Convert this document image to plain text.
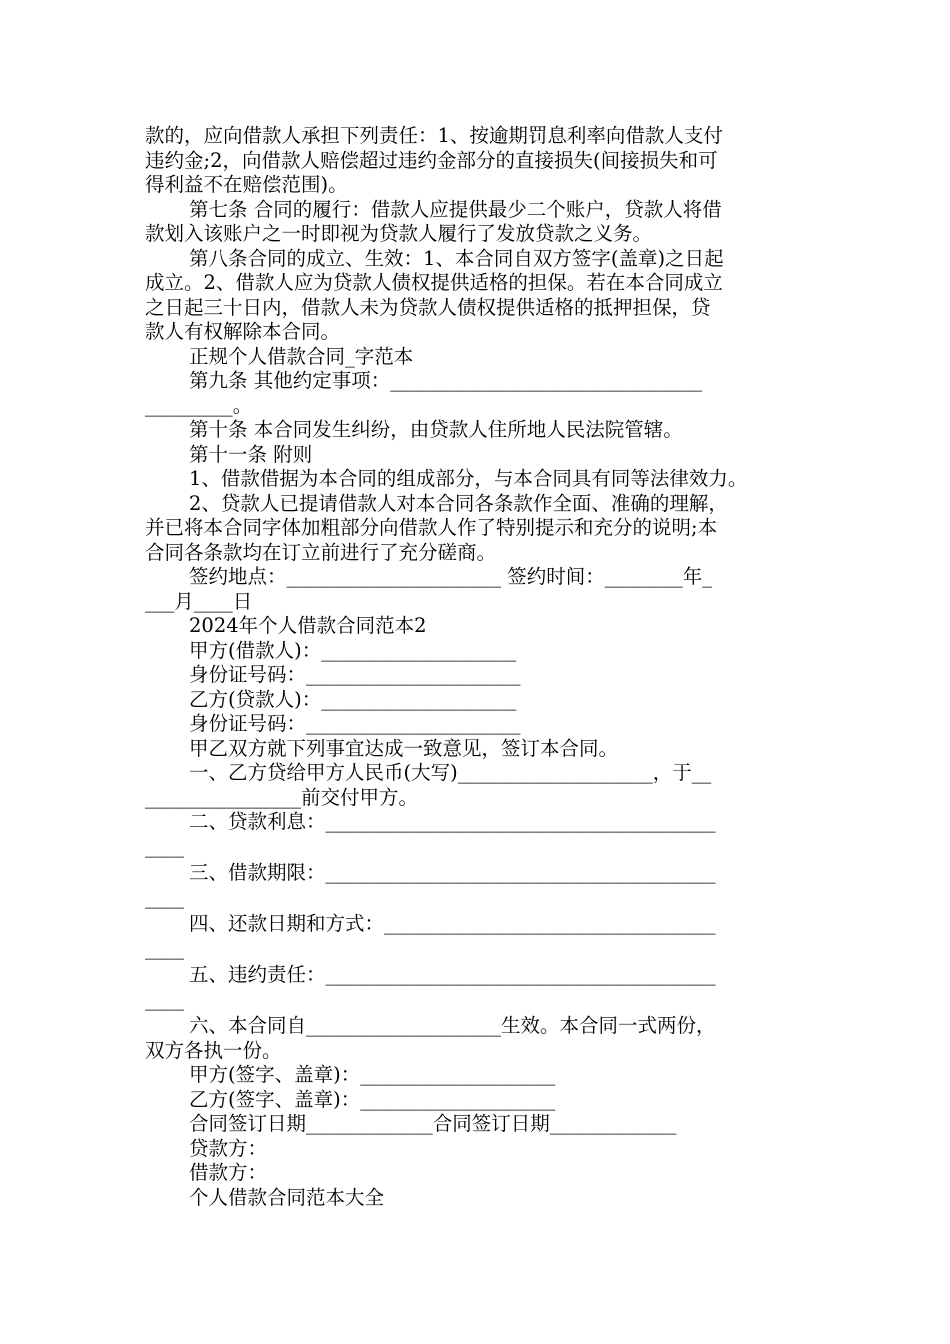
款的，应向借款人承担下列责任：1、按逾期罚息利率向借款人支付
违约金;2，向借款人赔偿超过违约金部分的直接损失(间接损失和可
得利益不在赔偿范围)。
第七条 合同的履行：借款人应提供最少二个账户，贷款人将借
款划入该账户之一时即视为贷款人履行了发放贷款之义务。
第八条合同的成立、生效：1、本合同自双方签字(盖章)之日起
成立。2、借款人应为贷款人债权提供适格的担保。若在本合同成立
之日起三十日内，借款人未为贷款人债权提供适格的抵押担保，贷
款人有权解除本合同。
正规个人借款合同_字范本
第九条 其他约定事项：________________________________
_________。
第十条 本合同发生纠纷，由贷款人住所地人民法院管辖。
第十一条 附则
1、借款借据为本合同的组成部分，与本合同具有同等法律效力。
2、贷款人已提请借款人对本合同各条款作全面、准确的理解，
并已将本合同字体加粗部分向借款人作了特别提示和充分的说明;本
合同各条款均在订立前进行了充分磋商。
签约地点：______________________ 签约时间：________年_
___月____日
2024年个人借款合同范本2
甲方(借款人)：____________________
身份证号码：______________________
乙方(贷款人)：____________________
身份证号码：______________________
甲乙双方就下列事宜达成一致意见，签订本合同。
一、乙方贷给甲方人民币(大写)____________________，于__
________________前交付甲方。
二、贷款利息：________________________________________
____
三、借款期限：________________________________________
____
四、还款日期和方式：__________________________________
____
五、违约责任：________________________________________
____
六、本合同自____________________生效。本合同一式两份，
双方各执一份。
甲方(签字、盖章)：____________________
乙方(签字、盖章)：____________________
合同签订日期_____________合同签订日期_____________
贷款方：
借款方：
个人借款合同范本大全
